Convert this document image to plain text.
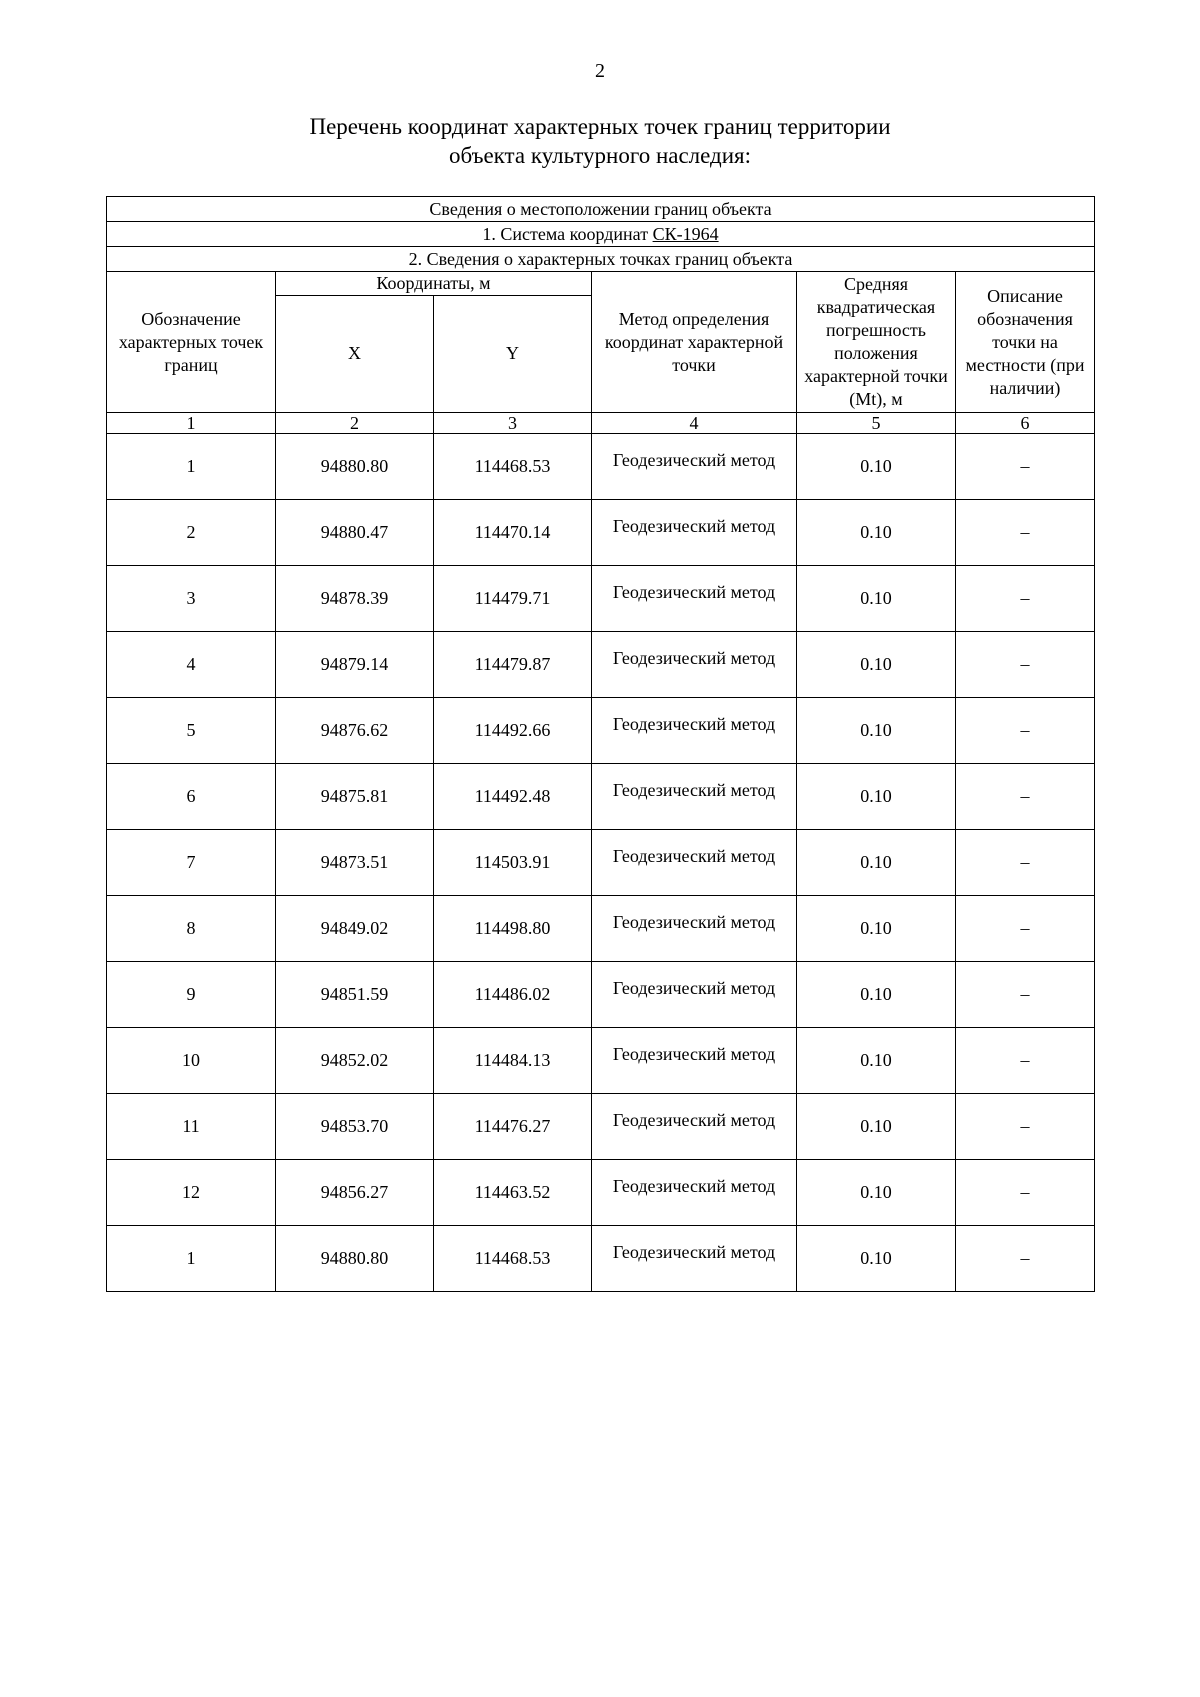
2
Перечень координат характерных точек границ территории
объекта культурного наследия:
Сведения о местоположении границ объекта					
1. Система координат СК-1964					
2. Сведения о характерных точках границ объекта					
Обозначение характерных точек границ	Координаты, м		Метод определения координат характерной точки	Средняя квадратическая погрешность положения характерной точки (Mt), м	Описание обозначения точки на местности (при наличии)
	X	Y			
1	2	3	4	5	6
1	94880.80	114468.53	Геодезический метод	0.10	–
2	94880.47	114470.14	Геодезический метод	0.10	–
3	94878.39	114479.71	Геодезический метод	0.10	–
4	94879.14	114479.87	Геодезический метод	0.10	–
5	94876.62	114492.66	Геодезический метод	0.10	–
6	94875.81	114492.48	Геодезический метод	0.10	–
7	94873.51	114503.91	Геодезический метод	0.10	–
8	94849.02	114498.80	Геодезический метод	0.10	–
9	94851.59	114486.02	Геодезический метод	0.10	–
10	94852.02	114484.13	Геодезический метод	0.10	–
11	94853.70	114476.27	Геодезический метод	0.10	–
12	94856.27	114463.52	Геодезический метод	0.10	–
1	94880.80	114468.53	Геодезический метод	0.10	–
